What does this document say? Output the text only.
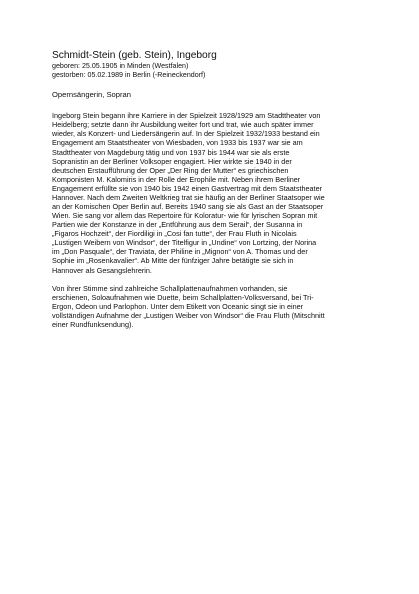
Schmidt-Stein (geb. Stein), Ingeborg

geboren: 25.05.1905 in Minden (Westfalen)

gestorben: 05.02.1989 in Berlin (-Reineckendorf)

Opernsängerin, Sopran

Ingeborg Stein begann ihre Karriere in der Spielzeit 1928/1929 am Stadttheater von
Heidelberg; setzte dann ihr Ausbildung weiter fort und trat, wie auch später immer
wieder, als Konzert- und Liedersängerin auf. In der Spielzeit 1932/1933 bestand ein
Engagement am Staatstheater von Wiesbaden, von 1933 bis 1937 war sie am
Stadttheater von Magdeburg tätig und von 1937 bis 1944 war sie als erste
Sopranistin an der Berliner Volksoper engagiert. Hier wirkte sie 1940 in der
deutschen Erstaufführung der Oper „Der Ring der Mutter“ es griechischen
Komponisten M. Kalomiris in der Rolle der Erophile mit. Neben ihrem Berliner
Engagement erfüllte sie von 1940 bis 1942 einen Gastvertrag mit dem Staatstheater
Hannover. Nach dem Zweiten Weltkrieg trat sie häufig an der Berliner Staatsoper wie
an der Komischen Oper Berlin auf. Bereits 1940 sang sie als Gast an der Staatsoper
Wien. Sie sang vor allem das Repertoire für Koloratur- wie für lyrischen Sopran mit
Partien wie der Konstanze in der „Entführung aus dem Serail“, der Susanna in
„Figaros Hochzeit“, der Fiordiligi in „Cosi fan tutte“, der Frau Fluth in Nicolais
„Lustigen Weibern von Windsor“, der Titelfigur in „Undine“ von Lortzing, der Norina
im „Don Pasquale“, der Traviata, der Philine in „Mignon“ von A. Thomas und der
Sophie im „Rosenkavalier“. Ab Mitte der fünfziger Jahre betätigte sie sich in
Hannover als Gesangslehrerin.

Von ihrer Stimme sind zahlreiche Schallplattenaufnahmen vorhanden, sie
erschienen, Soloaufnahmen wie Duette, beim Schallplatten-Volksversand, bei Tri-
Ergon, Odeon und Parlophon. Unter dem Etikett von Oceanic singt sie in einer
vollständigen Aufnahme der „Lustigen Weiber von Windsor“ die Frau Fluth (Mitschnitt
einer Rundfunksendung).
